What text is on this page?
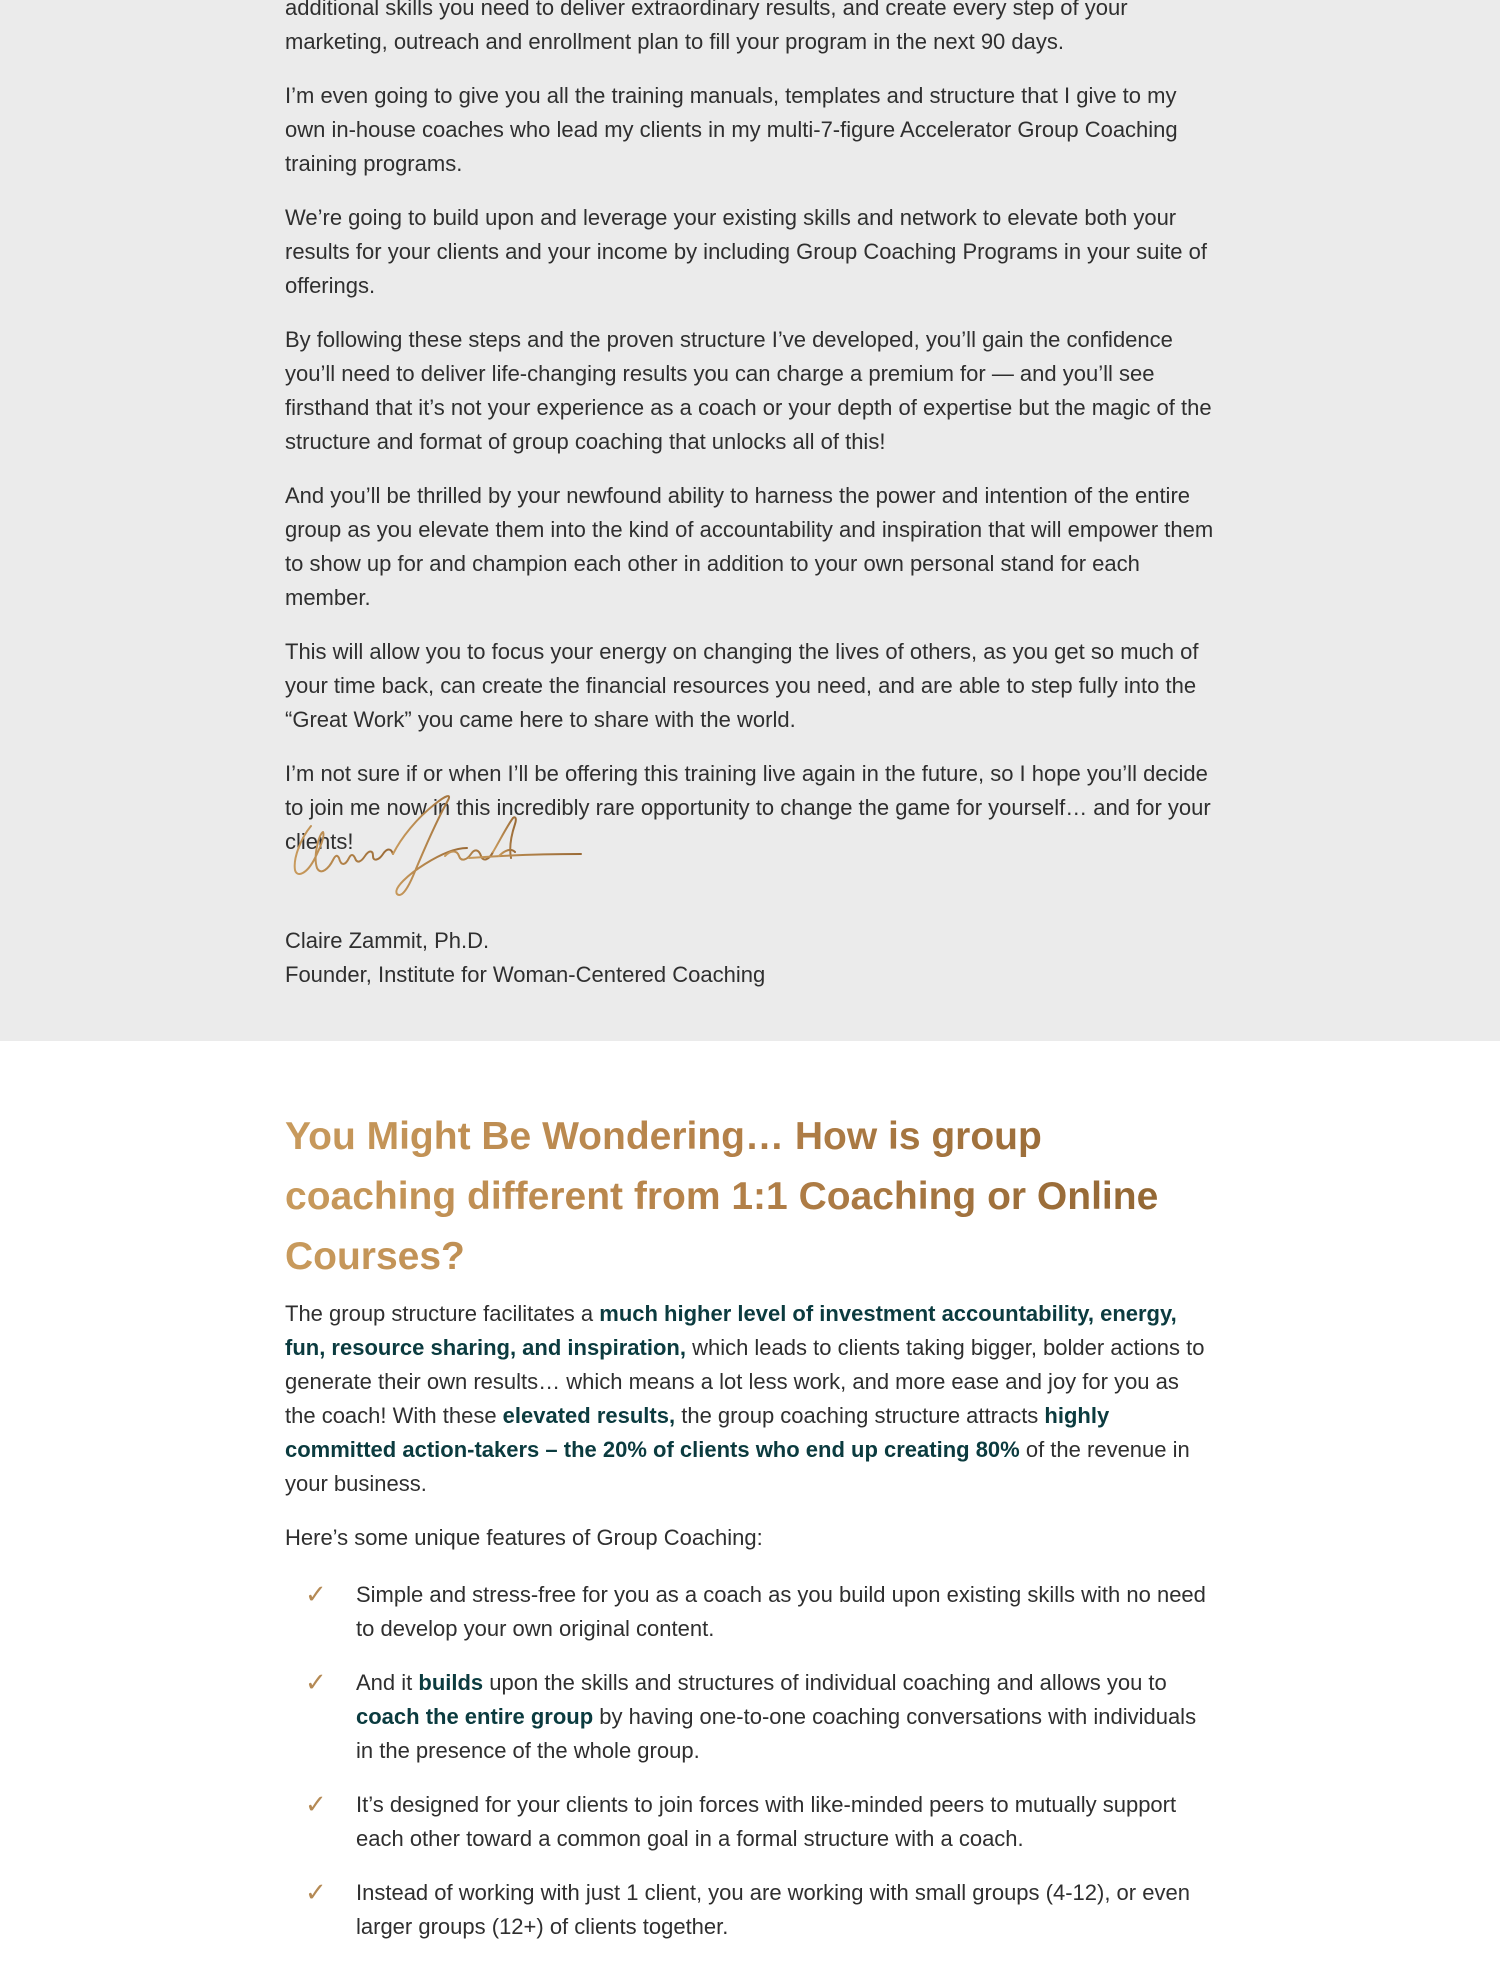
additional skills you need to deliver extraordinary results, and create every step of your marketing, outreach and enrollment plan to fill your program in the next 90 days.

I’m even going to give you all the training manuals, templates and structure that I give to my own in-house coaches who lead my clients in my multi-7-figure Accelerator Group Coaching training programs.

We’re going to build upon and leverage your existing skills and network to elevate both your results for your clients and your income by including Group Coaching Programs in your suite of offerings.

By following these steps and the proven structure I’ve developed, you’ll gain the confidence you’ll need to deliver life-changing results you can charge a premium for — and you’ll see firsthand that it’s not your experience as a coach or your depth of expertise but the magic of the structure and format of group coaching that unlocks all of this!

And you’ll be thrilled by your newfound ability to harness the power and intention of the entire group as you elevate them into the kind of accountability and inspiration that will empower them to show up for and champion each other in addition to your own personal stand for each member.

This will allow you to focus your energy on changing the lives of others, as you get so much of your time back, can create the financial resources you need, and are able to step fully into the “Great Work” you came here to share with the world.

I’m not sure if or when I’ll be offering this training live again in the future, so I hope you’ll decide to join me now in this incredibly rare opportunity to change the game for yourself… and for your clients!

Claire Zammit, Ph.D.

Founder, Institute for Woman-Centered Coaching

You Might Be Wondering… How is group coaching different from 1:1 Coaching or Online Courses?

The group structure facilitates a much higher level of investment accountability, energy, fun, resource sharing, and inspiration, which leads to clients taking bigger, bolder actions to generate their own results… which means a lot less work, and more ease and joy for you as the coach! With these elevated results, the group coaching structure attracts highly committed action-takers – the 20% of clients who end up creating 80% of the revenue in your business.

Here’s some unique features of Group Coaching:

✓ Simple and stress-free for you as a coach as you build upon existing skills with no need to develop your own original content.
✓ And it builds upon the skills and structures of individual coaching and allows you to coach the entire group by having one-to-one coaching conversations with individuals in the presence of the whole group.
✓ It’s designed for your clients to join forces with like-minded peers to mutually support each other toward a common goal in a formal structure with a coach.
✓ Instead of working with just 1 client, you are working with small groups (4-12), or even larger groups (12+) of clients together.
